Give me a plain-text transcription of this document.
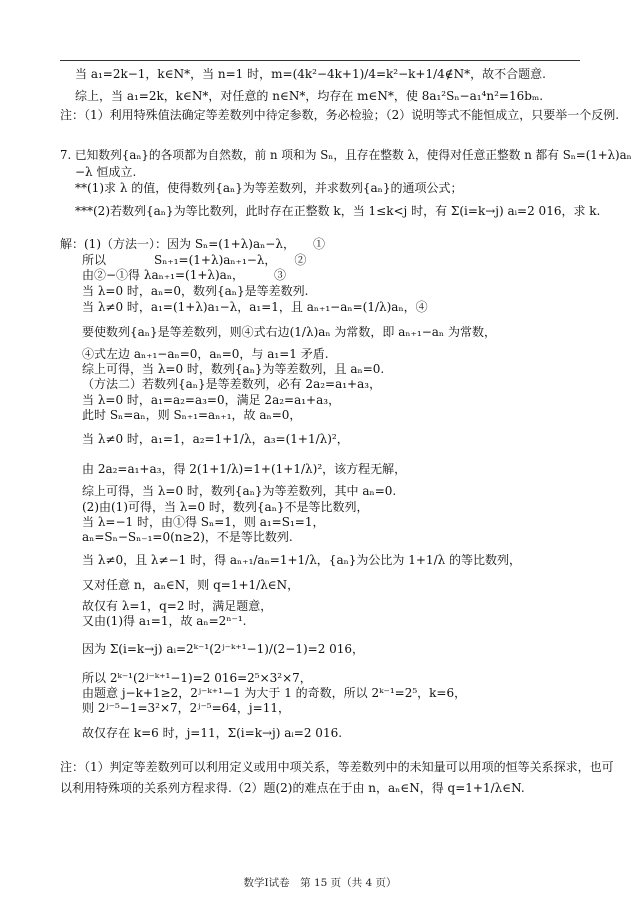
当 a₁=2k−1，k∈N*，当 n=1 时，m=(4k²−4k+1)/4=k²−k+1/4∉N*，故不合题意.
综上，当 a₁=2k，k∈N*，对任意的 n∈N*，均存在 m∈N*，使 8a₁²Sₙ−a₁⁴n²=16bₘ.
注：（1）利用特殊值法确定等差数列中待定参数，务必检验；（2）说明等式不能恒成立，只要举一个反例.
7. 已知数列{aₙ}的各项都为自然数，前 n 项和为 Sₙ，且存在整数 λ，使得对任意正整数 n 都有 Sₙ=(1+λ)aₙ
−λ 恒成立.
**(1)求 λ 的值，使得数列{aₙ}为等差数列，并求数列{aₙ}的通项公式；
***(2)若数列{aₙ}为等比数列，此时存在正整数 k，当 1≤k<j 时，有 Σ(i=k→j) aᵢ=2 016，求 k.
解：(1)（方法一）：因为 Sₙ=(1+λ)aₙ−λ，　　①
所以　　　　Sₙ₊₁=(1+λ)aₙ₊₁−λ，　　②
由②−①得 λaₙ₊₁=(1+λ)aₙ，　　　③
当 λ=0 时，aₙ=0，数列{aₙ}是等差数列.
当 λ≠0 时，a₁=(1+λ)a₁−λ，a₁=1，且 aₙ₊₁−aₙ=(1/λ)aₙ，④
要使数列{aₙ}是等差数列，则④式右边(1/λ)aₙ 为常数，即 aₙ₊₁−aₙ 为常数，
④式左边 aₙ₊₁−aₙ=0，aₙ=0，与 a₁=1 矛盾.
综上可得，当 λ=0 时，数列{aₙ}为等差数列，且 aₙ=0.
（方法二）若数列{aₙ}是等差数列，必有 2a₂=a₁+a₃，
当 λ=0 时，a₁=a₂=a₃=0，满足 2a₂=a₁+a₃，
此时 Sₙ=aₙ，则 Sₙ₊₁=aₙ₊₁，故 aₙ=0，
当 λ≠0 时，a₁=1，a₂=1+1/λ，a₃=(1+1/λ)²，
由 2a₂=a₁+a₃，得 2(1+1/λ)=1+(1+1/λ)²，该方程无解，
综上可得，当 λ=0 时，数列{aₙ}为等差数列，其中 aₙ=0.
(2)由(1)可得，当 λ=0 时，数列{aₙ}不是等比数列，
当 λ=−1 时，由①得 Sₙ=1，则 a₁=S₁=1，
aₙ=Sₙ−Sₙ₋₁=0(n≥2)，不是等比数列.
当 λ≠0，且 λ≠−1 时，得 aₙ₊₁/aₙ=1+1/λ，{aₙ}为公比为 1+1/λ 的等比数列，
又对任意 n，aₙ∈N，则 q=1+1/λ∈N，
故仅有 λ=1，q=2 时，满足题意，
又由(1)得 a₁=1，故 aₙ=2ⁿ⁻¹.
因为 Σ(i=k→j) aᵢ=2ᵏ⁻¹(2ʲ⁻ᵏ⁺¹−1)/(2−1)=2 016，
所以 2ᵏ⁻¹(2ʲ⁻ᵏ⁺¹−1)=2 016=2⁵×3²×7，
由题意 j−k+1≥2，2ʲ⁻ᵏ⁺¹−1 为大于 1 的奇数，所以 2ᵏ⁻¹=2⁵，k=6，
则 2ʲ⁻⁵−1=3²×7，2ʲ⁻⁵=64，j=11，
故仅存在 k=6 时，j=11，Σ(i=k→j) aᵢ=2 016.
注：（1）判定等差数列可以利用定义或用中项关系，等差数列中的未知量可以用项的恒等关系探求，也可
以利用特殊项的关系列方程求得.（2）题(2)的难点在于由 n，aₙ∈N，得 q=1+1/λ∈N.
数学Ⅰ试卷　第 15 页（共 4 页）
